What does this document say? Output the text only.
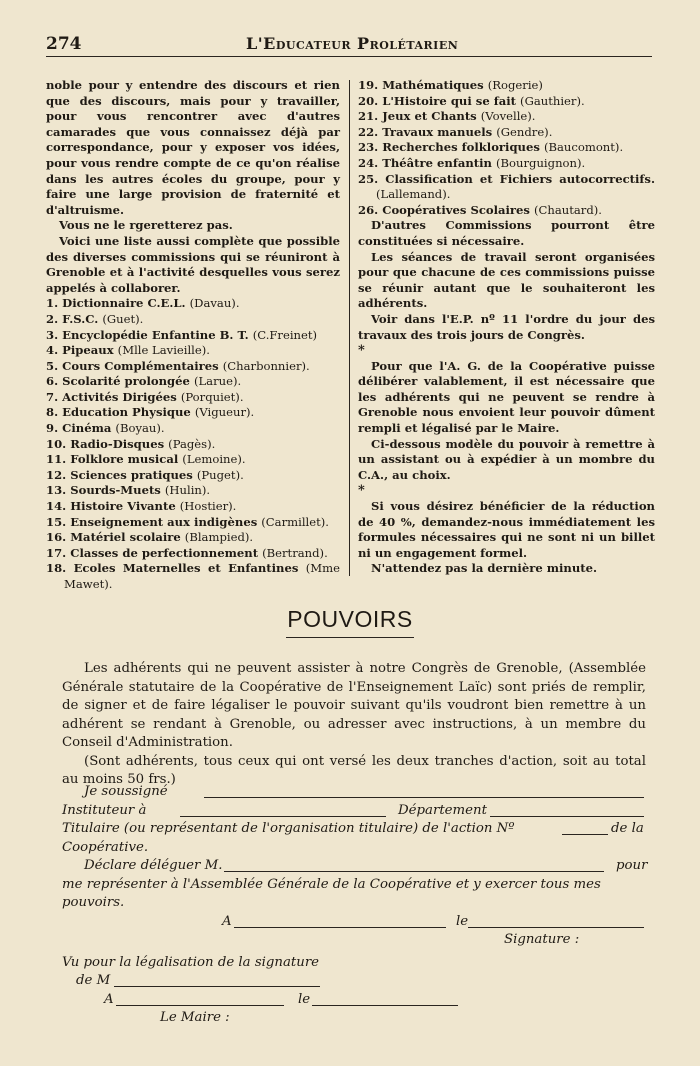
274	L'Educateur Prolétarien

noble pour y entendre des discours et rien que des discours, mais pour y travailler, pour vous rencontrer avec d'autres camarades que vous connaissez déjà par correspondance, pour y exposer vos idées, pour vous rendre compte de ce qu'on réalise dans les autres écoles du groupe, pour y faire une large provision de fraternité et d'altruisme.

Vous ne le rgeretterez pas.

Voici une liste aussi complète que possible des diverses commissions qui se réuniront à Grenoble et à l'activité desquelles vous serez appelés à collaborer.

1. Dictionnaire C.E.L. (Davau).

2. F.S.C. (Guet).

3. Encyclopédie Enfantine B. T. (C.Freinet)

4. Pipeaux (Mlle Lavieille).

5. Cours Complémentaires (Charbonnier).

6. Scolarité prolongée (Larue).

7. Activités Dirigées (Porquiet).

8. Education Physique (Vigueur).

9. Cinéma (Boyau).

10. Radio-Disques (Pagès).

11. Folklore musical (Lemoine).

12. Sciences pratiques (Puget).

13. Sourds-Muets (Hulin).

14. Histoire Vivante (Hostier).

15. Enseignement aux indigènes (Carmillet).

16. Matériel scolaire (Blampied).

17. Classes de perfectionnement (Bertrand).

18. Ecoles Maternelles et Enfantines (Mme Mawet).

19. Mathématiques (Rogerie)

20. L'Histoire qui se fait (Gauthier).

21. Jeux et Chants (Vovelle).

22. Travaux manuels (Gendre).

23. Recherches folkloriques (Baucomont).

24. Théâtre enfantin (Bourguignon).

25. Classification et Fichiers autocorrectifs. (Lallemand).

26. Coopératives Scolaires (Chautard).

D'autres Commissions pourront être constituées si nécessaire.

Les séances de travail seront organisées pour que chacune de ces commissions puisse se réunir autant que le souhaiteront les adhérents.

Voir dans l'E.P. nº 11 l'ordre du jour des travaux des trois jours de Congrès.

*

Pour que l'A. G. de la Coopérative puisse délibérer valablement, il est nécessaire que les adhérents qui ne peuvent se rendre à Grenoble nous envoient leur pouvoir dûment rempli et légalisé par le Maire.

Ci-dessous modèle du pouvoir à remettre à un assistant ou à expédier à un mombre du C.A., au choix.

*

Si vous désirez bénéficier de la réduction de 40 %, demandez-nous immédiatement les formules nécessaires qui ne sont ni un billet ni un engagement formel.

N'attendez pas la dernière minute.

POUVOIRS

Les adhérents qui ne peuvent assister à notre Congrès de Grenoble, (Assemblée Générale statutaire de la Coopérative de l'Enseignement Laïc) sont priés de remplir, de signer et de faire légaliser le pouvoir suivant qu'ils voudront bien remettre à un adhérent se rendant à Grenoble, ou adresser avec instructions, à un membre du Conseil d'Administration.

(Sont adhérents, tous ceux qui ont versé les deux tranches d'action, soit au total au moins 50 frs.)

Je soussigné
Instituteur à	Département
Titulaire (ou représentant de l'organisation titulaire) de l'action Nº	de la
Coopérative.
Déclare déléguer M.	pour
me représenter à l'Assemblée Générale de la Coopérative et y exercer tous mes
pouvoirs.
A	le
Signature :
Vu pour la légalisation de la signature
de M
A	le
Le Maire :
